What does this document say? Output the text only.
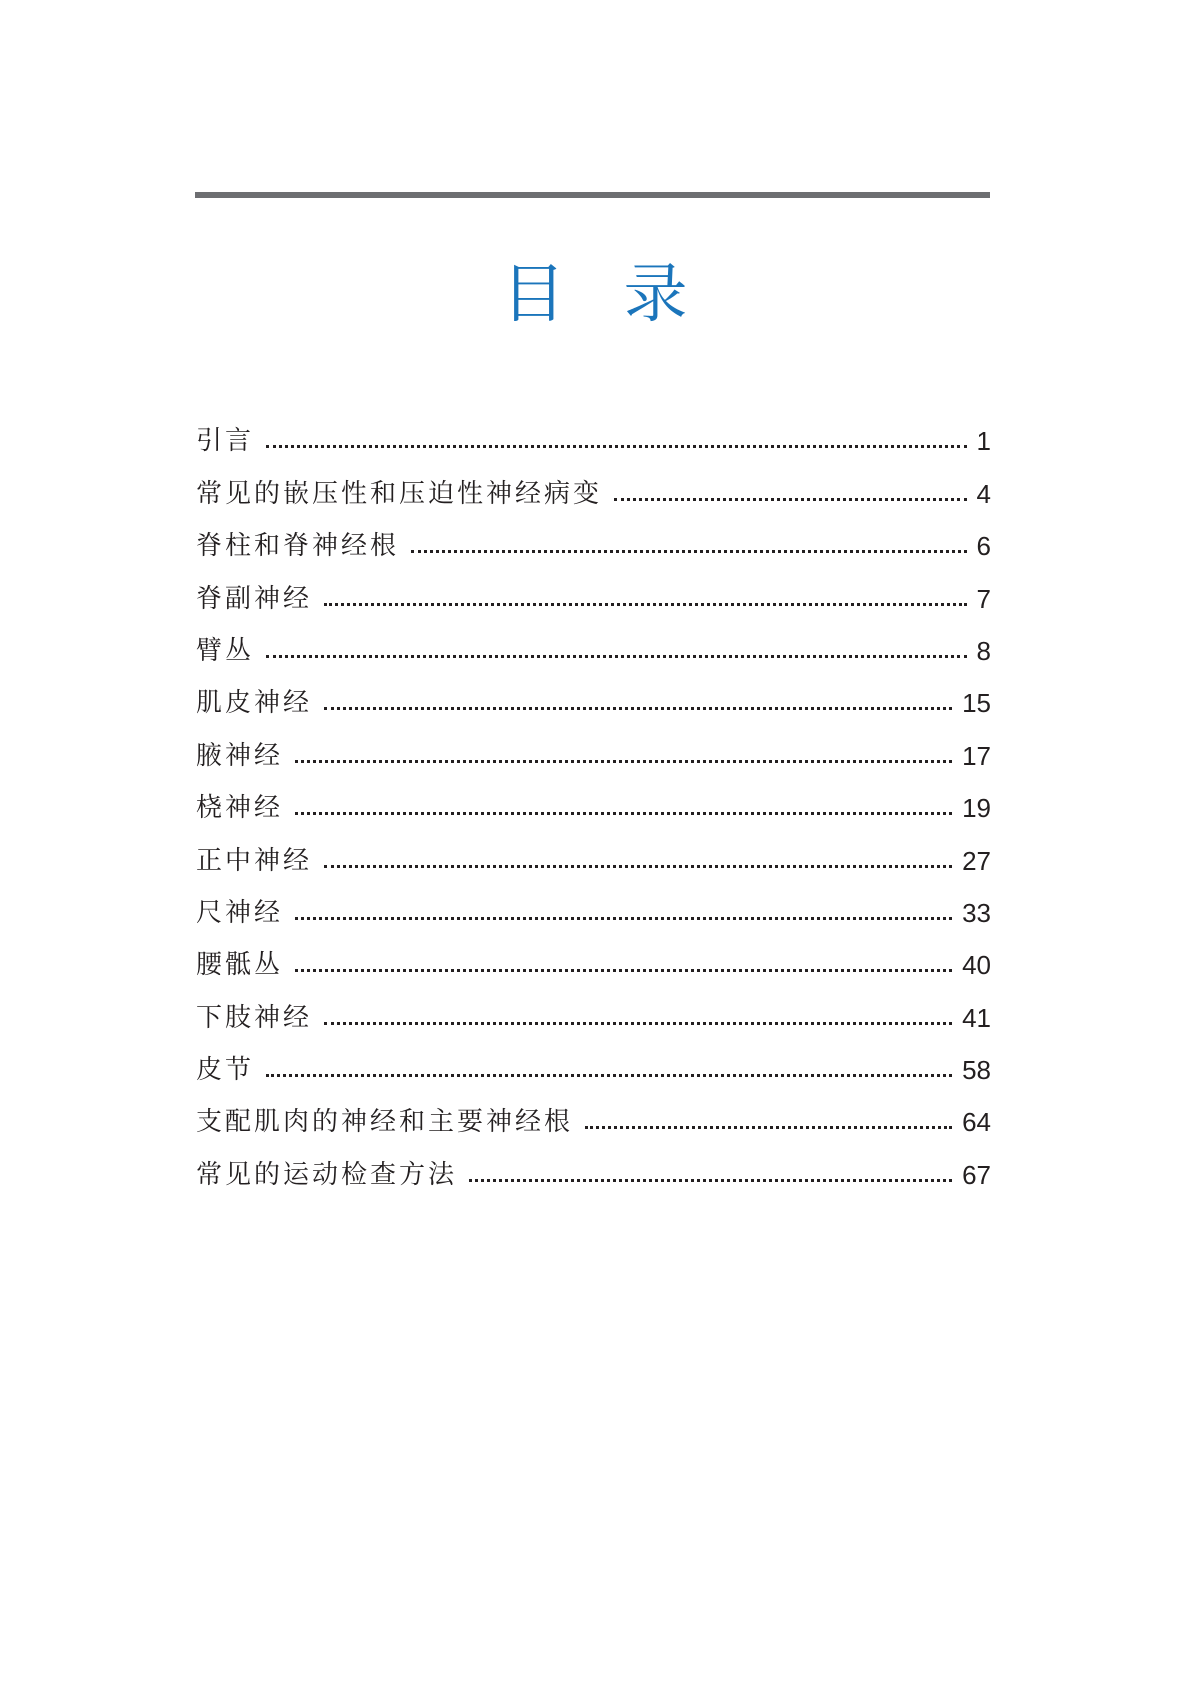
目录
引言	1
常见的嵌压性和压迫性神经病变	4
脊柱和脊神经根	6
脊副神经	7
臂丛	8
肌皮神经	15
腋神经	17
桡神经	19
正中神经	27
尺神经	33
腰骶丛	40
下肢神经	41
皮节	58
支配肌肉的神经和主要神经根	64
常见的运动检查方法	67
